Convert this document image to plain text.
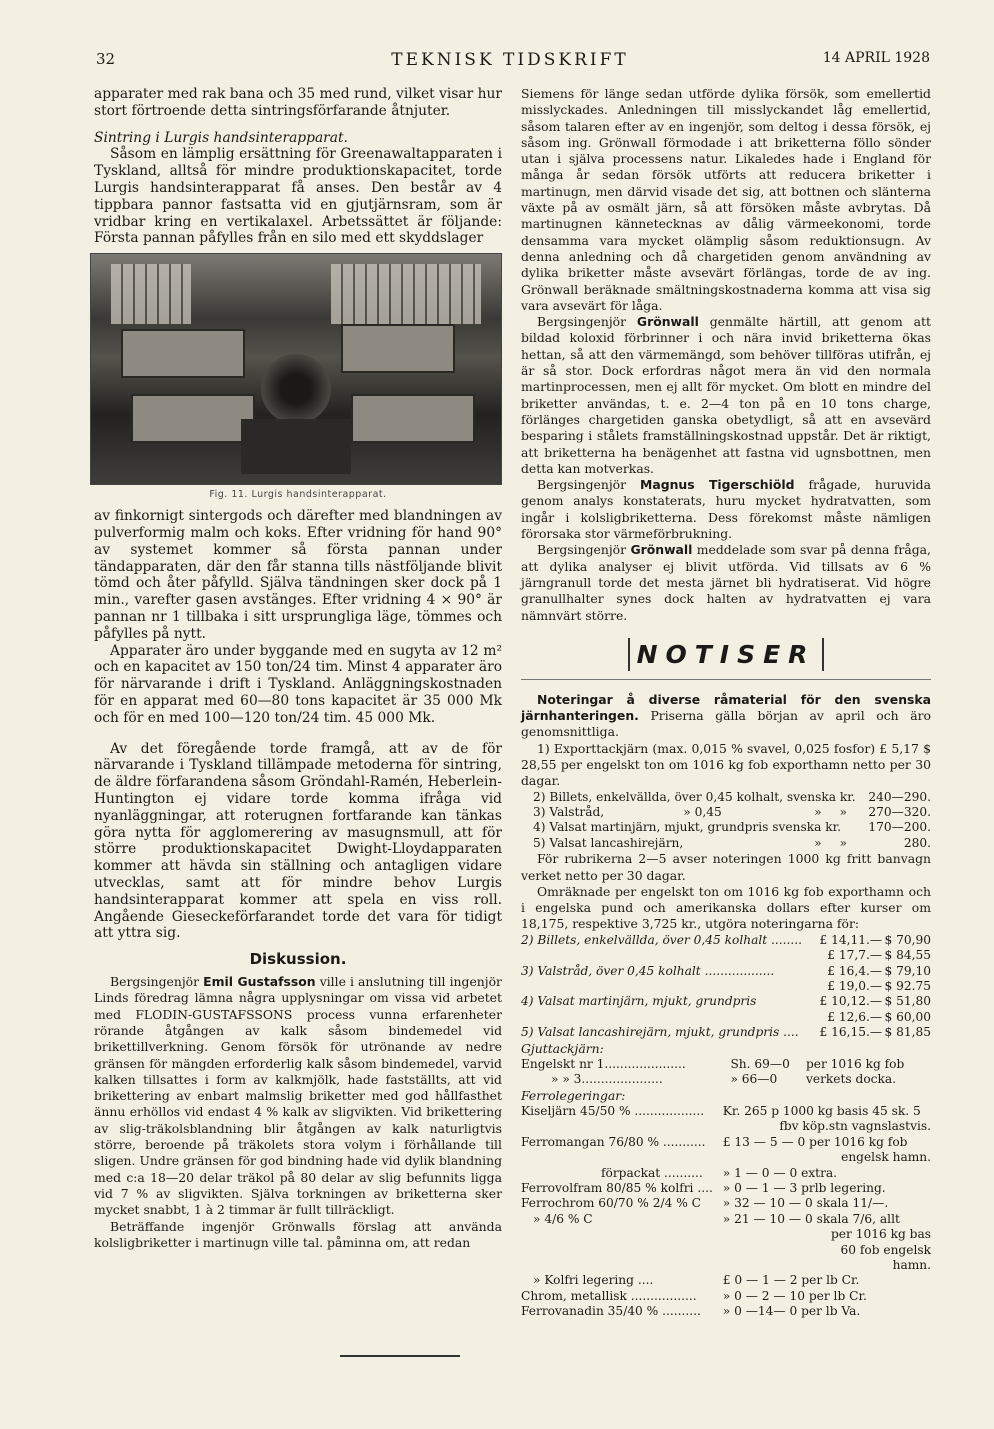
32	TEKNISK TIDSKRIFT	14 APRIL 1928

apparater med rak bana och 35 med rund, vilket visar hur stort förtroende detta sintringsförfarande åtnjuter.

Sintring i Lurgis handsinterapparat.

Såsom en lämplig ersättning för Greenawaltapparaten i Tyskland, alltså för mindre produktionskapacitet, torde Lurgis handsinterapparat få anses. Den består av 4 tippbara pannor fastsatta vid en gjutjärnsram, som är vridbar kring en vertikalaxel. Arbetssättet är följande: Första pannan påfylles från en silo med ett skyddslager

Fig. 11. Lurgis handsinterapparat.

av finkornigt sintergods och därefter med blandningen av pulverformig malm och koks. Efter vridning för hand 90° av systemet kommer så första pannan under tändapparaten, där den får stanna tills nästföljande blivit tömd och åter påfylld. Själva tändningen sker dock på 1 min., varefter gasen avstänges. Efter vridning 4 × 90° är pannan nr 1 tillbaka i sitt ursprungliga läge, tömmes och påfylles på nytt.

Apparater äro under byggande med en sugyta av 12 m² och en kapacitet av 150 ton/24 tim. Minst 4 apparater äro för närvarande i drift i Tyskland. Anläggningskostnaden för en apparat med 60—80 tons kapacitet är 35 000 Mk och för en med 100—120 ton/24 tim. 45 000 Mk.

Av det föregående torde framgå, att av de för närvarande i Tyskland tillämpade metoderna för sintring, de äldre förfarandena såsom Gröndahl-Ramén, Heberlein-Huntington ej vidare torde komma ifråga vid nyanläggningar, att roterugnen fortfarande kan tänkas göra nytta för agglomerering av masugnsmull, att för större produktionskapacitet Dwight-Lloydapparaten kommer att hävda sin ställning och antagligen vidare utvecklas, samt att för mindre behov Lurgis handsinterapparat kommer att spela en viss roll. Angående Gieseckeförfarandet torde det vara för tidigt att yttra sig.

Diskussion.

Bergsingenjör Emil Gustafsson ville i anslutning till ingenjör Linds föredrag lämna några upplysningar om vissa vid arbetet med FLODIN-GUSTAFSSONS process vunna erfarenheter rörande åtgången av kalk såsom bindemedel vid brikettillverkning. Genom försök för utrönande av nedre gränsen för mängden erforderlig kalk såsom bindemedel, varvid kalken tillsattes i form av kalkmjölk, hade fastställts, att vid brikettering av enbart malmslig briketter med god hållfasthet ännu erhöllos vid endast 4 % kalk av sligvikten. Vid brikettering av slig-träkolsblandning blir åtgången av kalk naturligtvis större, beroende på träkolets stora volym i förhållande till sligen. Undre gränsen för god bindning hade vid dylik blandning med c:a 18—20 delar träkol på 80 delar av slig befunnits ligga vid 7 % av sligvikten. Själva torkningen av briketterna sker mycket snabbt, 1 à 2 timmar är fullt tillräckligt.

Beträffande ingenjör Grönwalls förslag att använda kolsligbriketter i martinugn ville tal. påminna om, att redan

Siemens för länge sedan utförde dylika försök, som emellertid misslyckades. Anledningen till misslyckandet låg emellertid, såsom talaren efter av en ingenjör, som deltog i dessa försök, ej såsom ing. Grönwall förmodade i att briketterna föllo sönder utan i själva processens natur. Likaledes hade i England för många år sedan försök utförts att reducera briketter i martinugn, men därvid visade det sig, att bottnen och slänterna växte på av osmält järn, så att försöken måste avbrytas. Då martinugnen kännetecknas av dålig värmeekonomi, torde densamma vara mycket olämplig såsom reduktionsugn. Av denna anledning och då chargetiden genom användning av dylika briketter måste avsevärt förlängas, torde de av ing. Grönwall beräknade smältningskostnaderna komma att visa sig vara avsevärt för låga.

Bergsingenjör Grönwall genmälte härtill, att genom att bildad koloxid förbrinner i och nära invid briketterna ökas hettan, så att den värmemängd, som behöver tillföras utifrån, ej är så stor. Dock erfordras något mera än vid den normala martinprocessen, men ej allt för mycket. Om blott en mindre del briketter användas, t. e. 2—4 ton på en 10 tons charge, förlänges chargetiden ganska obetydligt, så att en avsevärd besparing i stålets framställningskostnad uppstår. Det är riktigt, att briketterna ha benägenhet att fastna vid ugnsbottnen, men detta kan motverkas.

Bergsingenjör Magnus Tigerschiöld frågade, huruvida genom analys konstaterats, huru mycket hydratvatten, som ingår i kolsligbriketterna. Dess förekomst måste nämligen förorsaka stor värmeförbrukning.

Bergsingenjör Grönwall meddelade som svar på denna fråga, att dylika analyser ej blivit utförda. Vid tillsats av 6 % järngranull torde det mesta järnet bli hydratiserat. Vid högre granullhalter synes dock halten av hydratvatten ej vara nämnvärt större.

NOTISER

Noteringar å diverse råmaterial för den svenska järnhanteringen. Priserna gälla början av april och äro genomsnittliga.

1) Exporttackjärn (max. 0,015 % svavel, 0,025 fosfor) £ 5,17 $ 28,55 per engelskt ton om 1016 kg fob exporthamn netto per 30 dagar.

2) Billets, enkelvällda, över 0,45 kolhalt, svenska kr.				240—290.
3) Valstråd,	» 0,45	»	»	270—320.
4) Valsat martinjärn, mjukt, grundpris svenska kr.				170—200.
5) Valsat lancashirejärn,		»	»	280.

För rubrikerna 2—5 avser noteringen 1000 kg fritt banvagn verket netto per 30 dagar.

Omräknade per engelskt ton om 1016 kg fob exporthamn och i engelska pund och amerikanska dollars efter kurser om 18,175, respektive 3,725 kr., utgöra noteringarna för:

2) Billets, enkelvällda, över 0,45 kolhalt ........	£ 14,11.—	$ 70,90
	£ 17,7.—	$ 84,55
3) Valstråd, över 0,45 kolhalt ..................	£ 16,4.—	$ 79,10
	£ 19,0.—	$ 92.75
4) Valsat martinjärn, mjukt, grundpris	£ 10,12.—	$ 51,80
	£ 12,6.—	$ 60,00
5) Valsat lancashirejärn, mjukt, grundpris ....	£ 16,15.—	$ 81,85
Gjuttackjärn:
Engelskt nr 1.....................	Sh. 69—0	per 1016 kg fob
» » 3.....................	» 66—0	verkets docka.
Ferrolegeringar:
Kiseljärn 45/50 % ..................	Kr. 265 p 1000 kg basis 45 sk. 5
	fbv köp.stn vagnslastvis.
Ferromangan 76/80 % ...........	£ 13 — 5 — 0 per 1016 kg fob
	engelsk hamn.
förpackat ..........	» 1 — 0 — 0 extra.
Ferrovolfram 80/85 % kolfri ....	» 0 — 1 — 3 prlb legering.
Ferrochrom 60/70 % 2/4 % C	» 32 — 10 — 0 skala 11/—.
» 4/6 % C	» 21 — 10 — 0 skala 7/6, allt
	per 1016 kg bas
	60 fob engelsk
	hamn.
» Kolfri legering ....	£ 0 — 1 — 2 per lb Cr.
Chrom, metallisk .................	» 0 — 2 — 10 per lb Cr.
Ferrovanadin 35/40 % ..........	» 0 —14— 0 per lb Va.
